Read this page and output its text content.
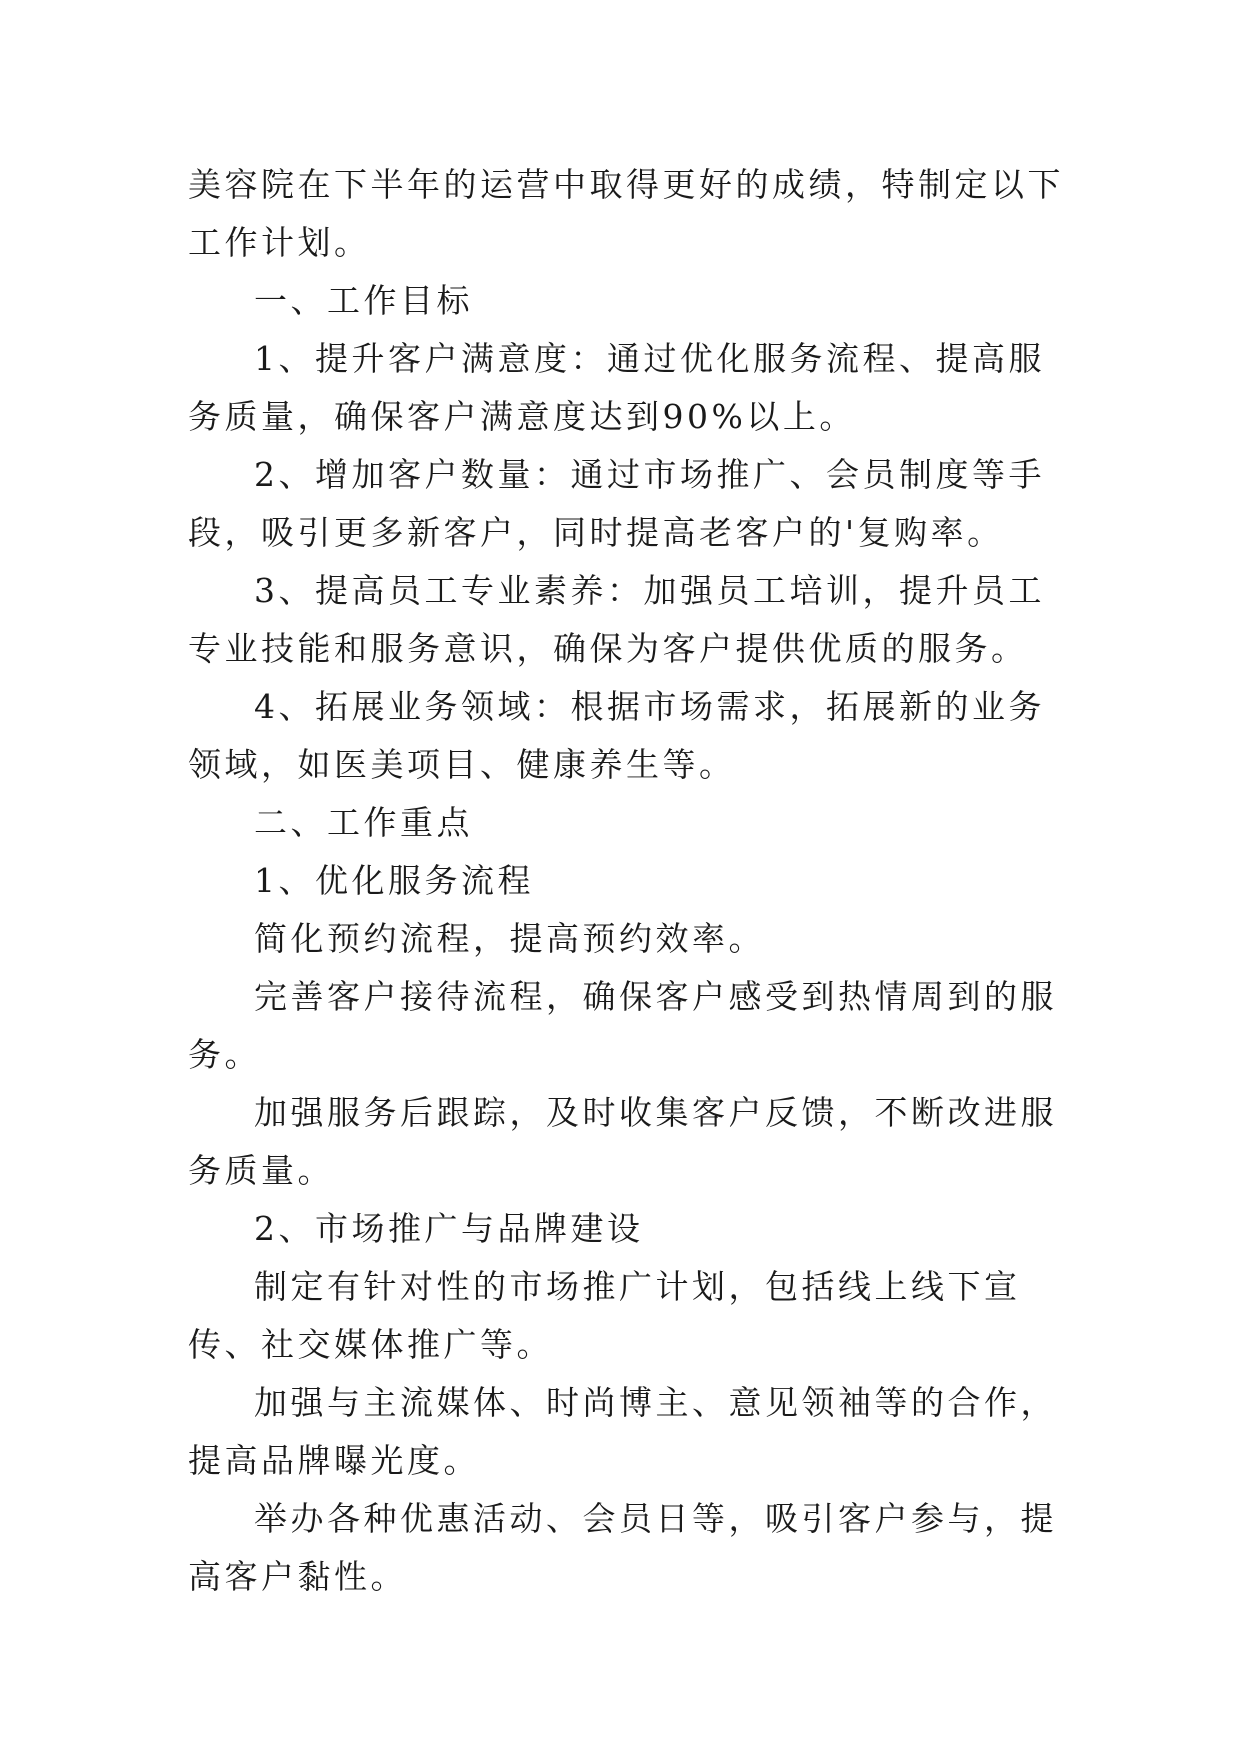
美容院在下半年的运营中取得更好的成绩，特制定以下工作计划。

一、工作目标

1、提升客户满意度：通过优化服务流程、提高服务质量，确保客户满意度达到90%以上。

2、增加客户数量：通过市场推广、会员制度等手段，吸引更多新客户，同时提高老客户的'复购率。

3、提高员工专业素养：加强员工培训，提升员工专业技能和服务意识，确保为客户提供优质的服务。

4、拓展业务领域：根据市场需求，拓展新的业务领域，如医美项目、健康养生等。

二、工作重点

1、优化服务流程

简化预约流程，提高预约效率。

完善客户接待流程，确保客户感受到热情周到的服务。

加强服务后跟踪，及时收集客户反馈，不断改进服务质量。

2、市场推广与品牌建设

制定有针对性的市场推广计划，包括线上线下宣传、社交媒体推广等。

加强与主流媒体、时尚博主、意见领袖等的合作，提高品牌曝光度。

举办各种优惠活动、会员日等，吸引客户参与，提高客户黏性。
